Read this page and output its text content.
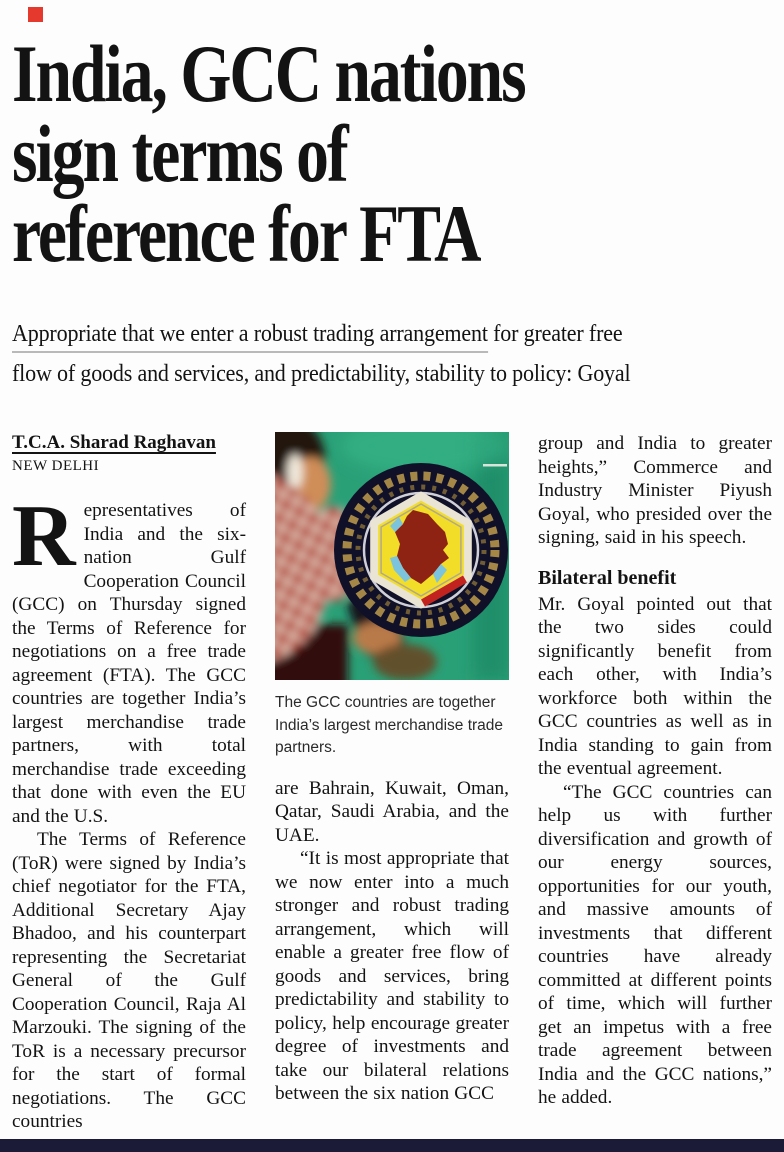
India, GCC nations
sign terms of
reference for FTA
Appropriate that we enter a robust trading arrangement for greater free
flow of goods and services, and predictability, stability to policy: Goyal
T.C.A. Sharad Raghavan
NEW DELHI

Representatives of India and the six-nation Gulf Cooperation Council (GCC) on Thursday signed the Terms of Reference for negotiations on a free trade agreement (FTA). The GCC countries are together India’s largest merchandise trade partners, with total merchandise trade exceeding that done with even the EU and the U.S.

The Terms of Reference (ToR) were signed by India’s chief negotiator for the FTA, Additional Secretary Ajay Bhadoo, and his counterpart representing the Secretariat General of the Gulf Cooperation Council, Raja Al Marzouki. The signing of the ToR is a necessary precursor for the start of formal negotiations. The GCC countries

The GCC countries are together India’s largest merchandise trade partners.

are Bahrain, Kuwait, Oman, Qatar, Saudi Arabia, and the UAE.

“It is most appropriate that we now enter into a much stronger and robust trading arrangement, which will enable a greater free flow of goods and services, bring predictability and stability to policy, help encourage greater degree of investments and take our bilateral relations between the six nation GCC

group and India to greater heights,” Commerce and Industry Minister Piyush Goyal, who presided over the signing, said in his speech.

Bilateral benefit

Mr. Goyal pointed out that the two sides could significantly benefit from each other, with India’s workforce both within the GCC countries as well as in India standing to gain from the eventual agreement.

“The GCC countries can help us with further diversification and growth of our energy sources, opportunities for our youth, and massive amounts of investments that different countries have already committed at different points of time, which will further get an impetus with a free trade agreement between India and the GCC nations,” he added.
